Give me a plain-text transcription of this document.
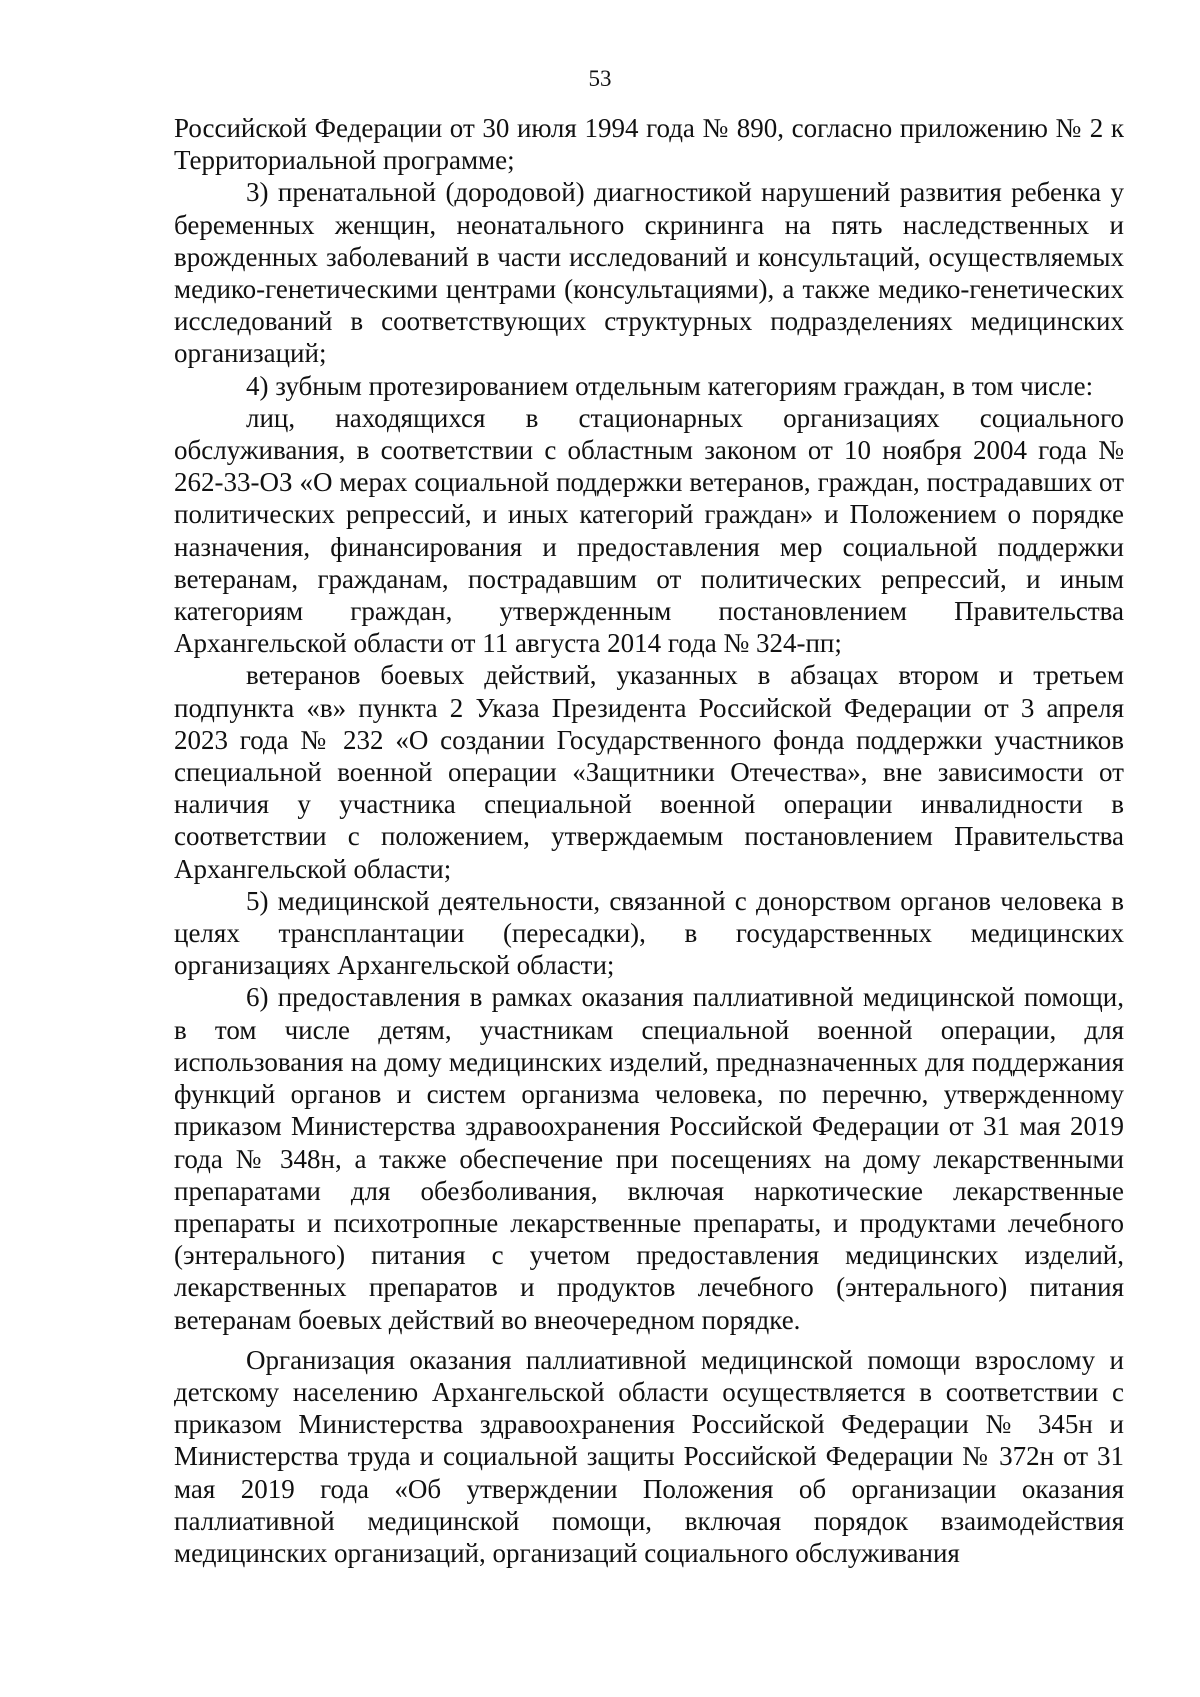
53

Российской Федерации от 30 июля 1994 года № 890, согласно приложению № 2 к Территориальной программе;

3) пренатальной (дородовой) диагностикой нарушений развития ребенка у беременных женщин, неонатального скрининга на пять наследственных и врожденных заболеваний в части исследований и консультаций, осуществляемых медико-генетическими центрами (консультациями), а также медико-генетических исследований в соответствующих структурных подразделениях медицинских организаций;

4) зубным протезированием отдельным категориям граждан, в том числе:

лиц, находящихся в стационарных организациях социального обслуживания, в соответствии с областным законом от 10 ноября 2004 года № 262-33-ОЗ «О мерах социальной поддержки ветеранов, граждан, пострадавших от политических репрессий, и иных категорий граждан» и Положением о порядке назначения, финансирования и предоставления мер социальной поддержки ветеранам, гражданам, пострадавшим от политических репрессий, и иным категориям граждан, утвержденным постановлением Правительства Архангельской области от 11 августа 2014 года № 324-пп;

ветеранов боевых действий, указанных в абзацах втором и третьем подпункта «в» пункта 2 Указа Президента Российской Федерации от 3 апреля 2023 года № 232 «О создании Государственного фонда поддержки участников специальной военной операции «Защитники Отечества», вне зависимости от наличия у участника специальной военной операции инвалидности в соответствии с положением, утверждаемым постановлением Правительства Архангельской области;

5) медицинской деятельности, связанной с донорством органов человека в целях трансплантации (пересадки), в государственных медицинских организациях Архангельской области;

6) предоставления в рамках оказания паллиативной медицинской помощи, в том числе детям, участникам специальной военной операции, для использования на дому медицинских изделий, предназначенных для поддержания функций органов и систем организма человека, по перечню, утвержденному приказом Министерства здравоохранения Российской Федерации от 31 мая 2019 года № 348н, а также обеспечение при посещениях на дому лекарственными препаратами для обезболивания, включая наркотические лекарственные препараты и психотропные лекарственные препараты, и продуктами лечебного (энтерального) питания с учетом предоставления медицинских изделий, лекарственных препаратов и продуктов лечебного (энтерального) питания ветеранам боевых действий во внеочередном порядке.

Организация оказания паллиативной медицинской помощи взрослому и детскому населению Архангельской области осуществляется в соответствии с приказом Министерства здравоохранения Российской Федерации № 345н и Министерства труда и социальной защиты Российской Федерации № 372н от 31 мая 2019 года «Об утверждении Положения об организации оказания паллиативной медицинской помощи, включая порядок взаимодействия медицинских организаций, организаций социального обслуживания
